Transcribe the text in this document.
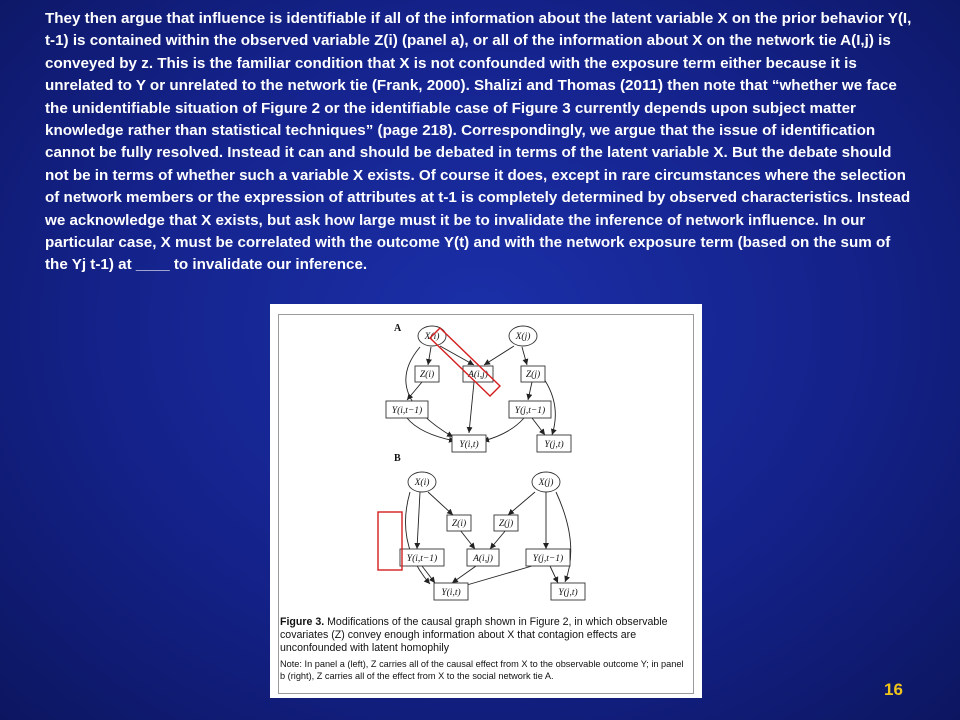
They then argue that influence is identifiable if all of the information about the latent variable X on the prior behavior Y(I, t-1) is contained within the observed variable Z(i) (panel a), or all of the information about X on the network tie A(I,j) is conveyed by z. This is the familiar condition that X is not confounded with the exposure term either because it is unrelated to Y or unrelated to the network tie (Frank, 2000). Shalizi and Thomas (2011) then note that “whether we face the unidentifiable situation of Figure 2 or the identifiable case of Figure 3 currently depends upon subject matter knowledge rather than statistical techniques” (page 218). Correspondingly, we argue that the issue of identification cannot be fully resolved. Instead it can and should be debated in terms of the latent variable X. But the debate should not be in terms of whether such a variable X exists. Of course it does, except in rare circumstances where the selection of network members or the expression of attributes at t-1 is completely determined by observed characteristics. Instead we acknowledge that X exists, but ask how large must it be to invalidate the inference of network influence. In our particular case, X must be correlated with the outcome Y(t) and with the network exposure term (based on the sum of the Yj t-1) at ____ to invalidate our inference.

A
X(i)	X(j)
Z(i)	A(i,j)	Z(j)
Y(i,t−1)	Y(j,t−1)
Y(i,t)	Y(j,t)
B
X(i)	X(j)
Z(i)	Z(j)
Y(i,t−1)	A(i,j)	Y(j,t−1)
Y(i,t)	Y(j,t)
Figure 3. Modifications of the causal graph shown in Figure 2, in which observable covariates (Z) convey enough information about X that contagion effects are unconfounded with latent homophily
Note: In panel a (left), Z carries all of the causal effect from X to the observable outcome Y; in panel b (right), Z carries all of the effect from X to the social network tie A.
16
